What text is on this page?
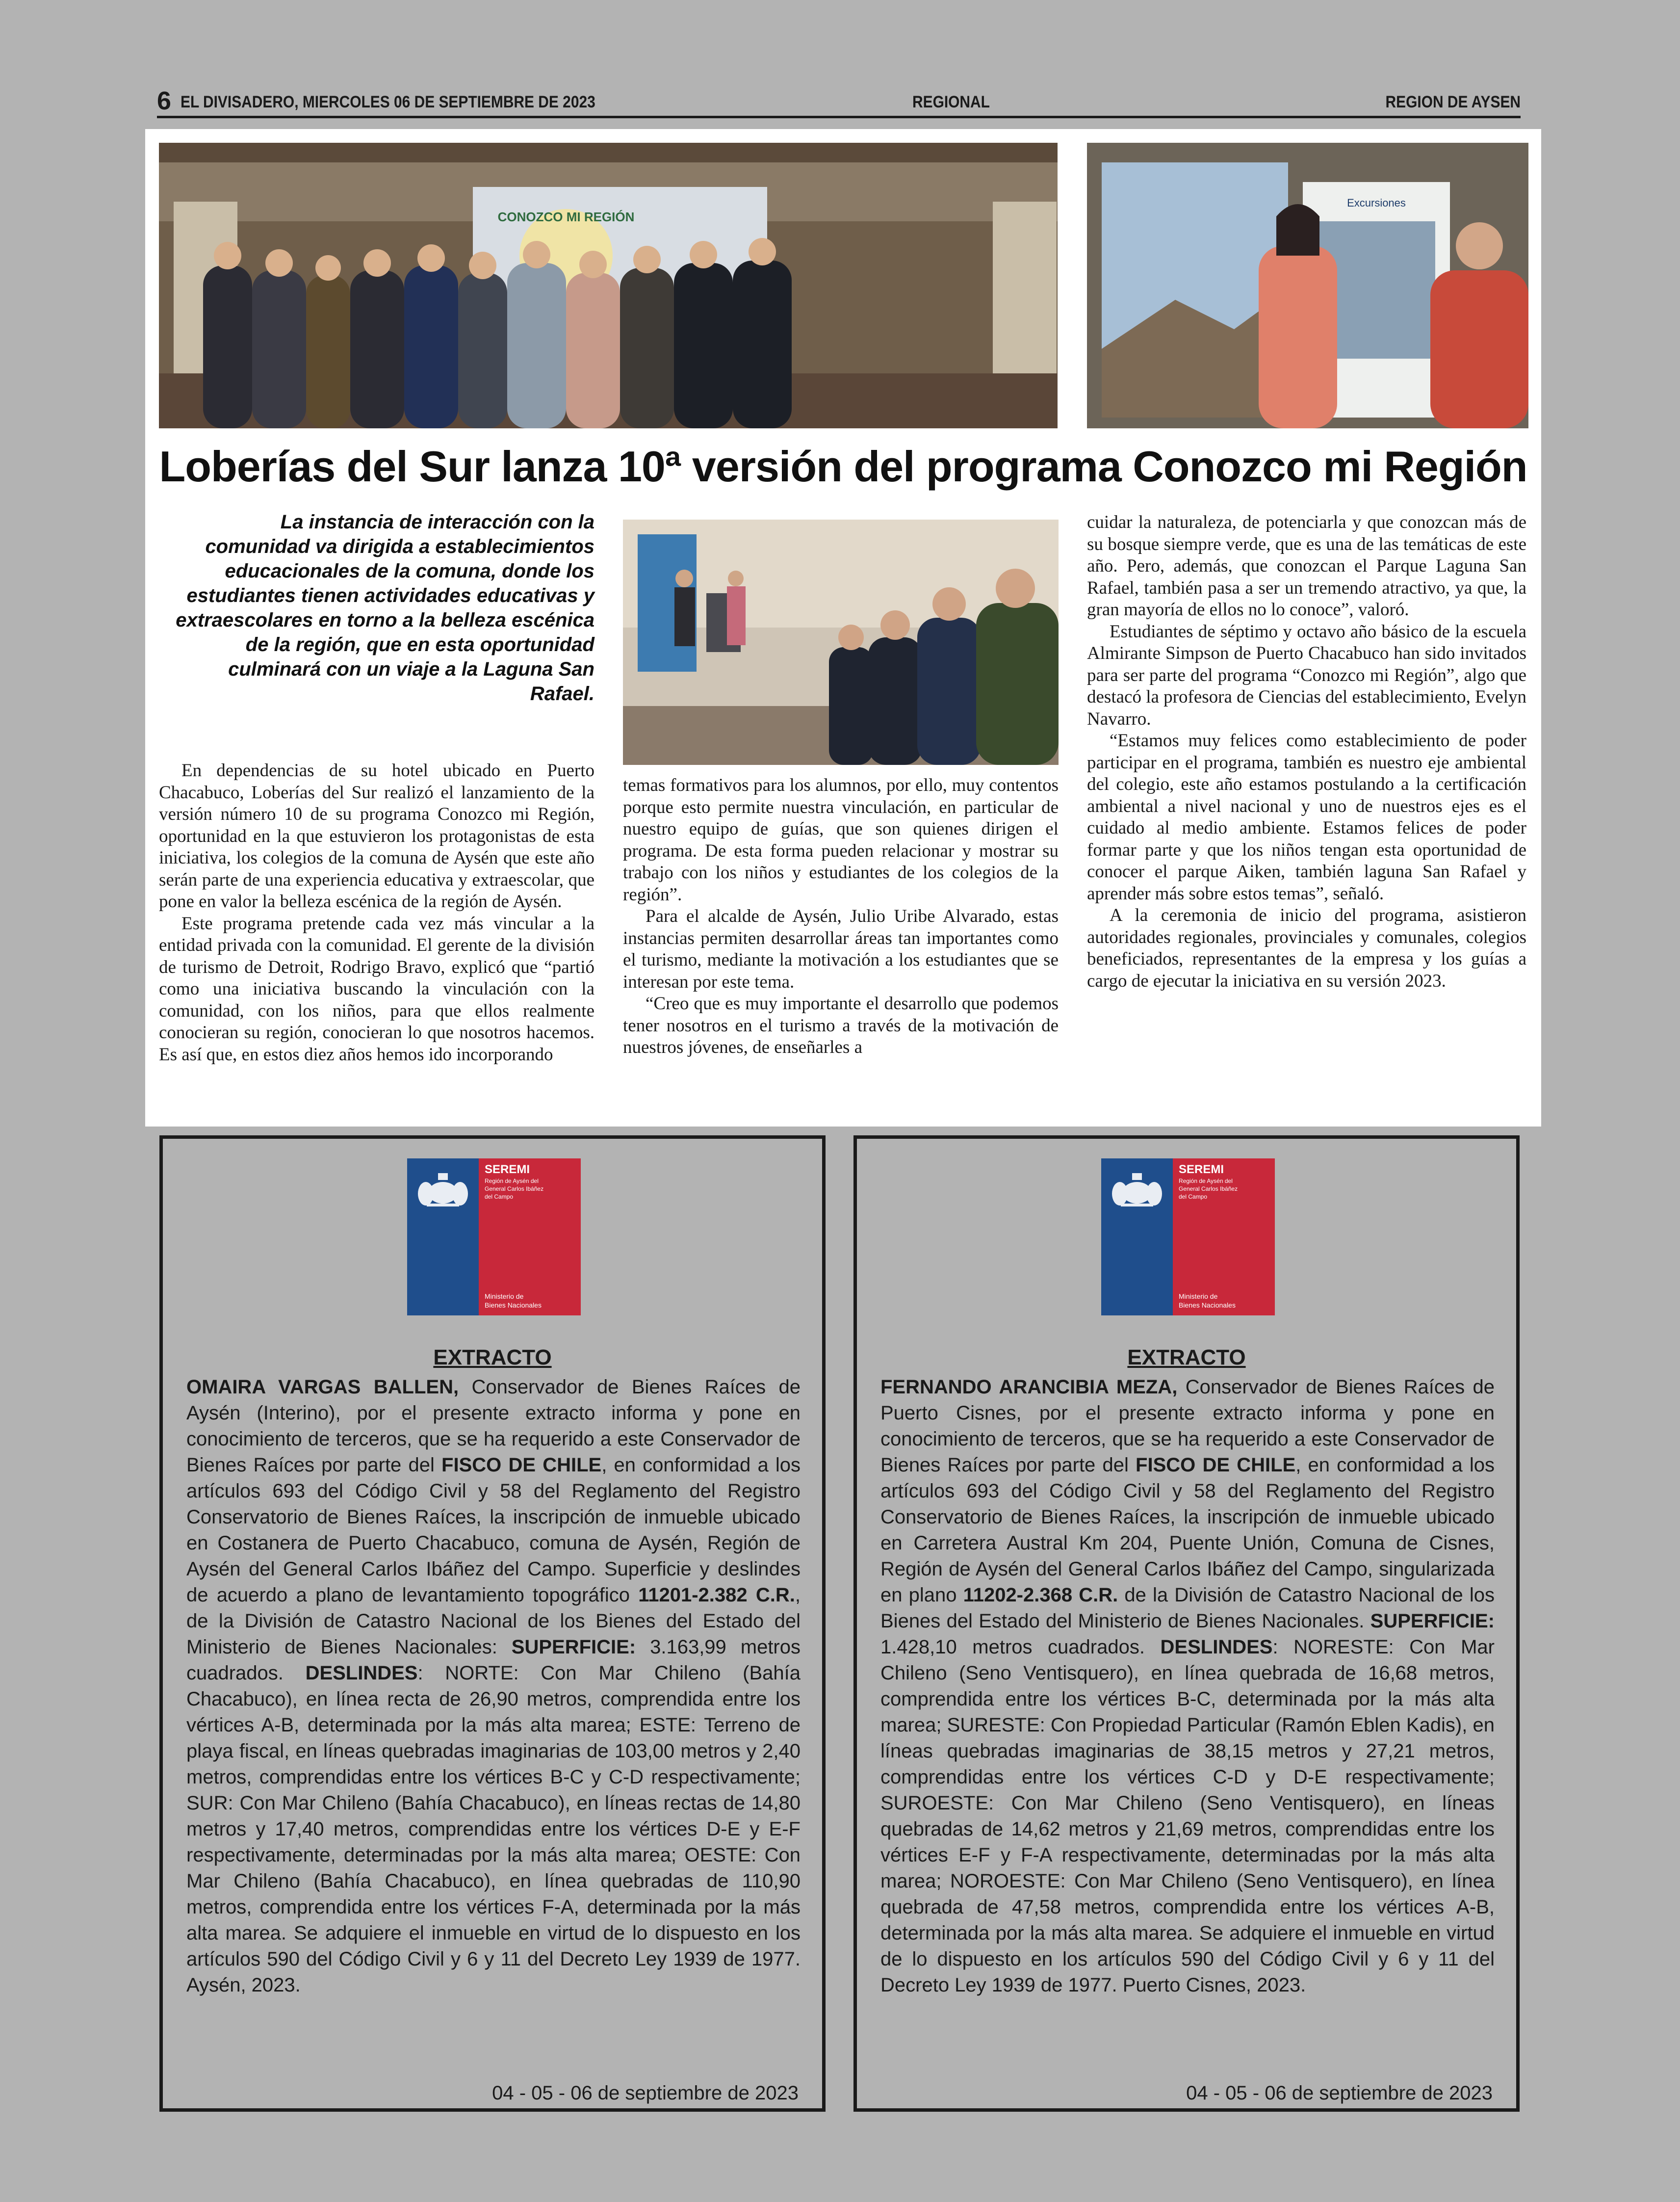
6 EL DIVISADERO, MIERCOLES 06 DE SEPTIEMBRE DE 2023	REGIONAL	REGION DE AYSEN
CONOZCO MI REGIÓN
Excursiones
Loberías del Sur lanza 10ª versión del programa Conozco mi Región
La instancia de interacción con la comunidad va dirigida a establecimientos educacionales de la comuna, donde los estudiantes tienen actividades educativas y extraescolares en torno a la belleza escénica de la región, que en esta oportunidad culminará con un viaje a la Laguna San Rafael.

En dependencias de su hotel ubicado en Puerto Chacabuco, Loberías del Sur realizó el lanzamiento de la versión número 10 de su programa Conozco mi Región, oportunidad en la que estuvieron los protagonistas de esta iniciativa, los colegios de la comuna de Aysén que este año serán parte de una experiencia educativa y extraescolar, que pone en valor la belleza escénica de la región de Aysén.

Este programa pretende cada vez más vincular a la entidad privada con la comunidad. El gerente de la división de turismo de Detroit, Rodrigo Bravo, explicó que “partió como una iniciativa buscando la vinculación con la comunidad, con los niños, para que ellos realmente conocieran su región, conocieran lo que nosotros hacemos. Es así que, en estos diez años hemos ido incorporando

temas formativos para los alumnos, por ello, muy contentos porque esto permite nuestra vinculación, en particular de nuestro equipo de guías, que son quienes dirigen el programa. De esta forma pueden relacionar y mostrar su trabajo con los niños y estudiantes de los colegios de la región”.

Para el alcalde de Aysén, Julio Uribe Alvarado, estas instancias permiten desarrollar áreas tan importantes como el turismo, mediante la motivación a los estudiantes que se interesan por este tema.

“Creo que es muy importante el desarrollo que podemos tener nosotros en el turismo a través de la motivación de nuestros jóvenes, de enseñarles a

cuidar la naturaleza, de potenciarla y que conozcan más de su bosque siempre verde, que es una de las temáticas de este año. Pero, además, que conozcan el Parque Laguna San Rafael, también pasa a ser un tremendo atractivo, ya que, la gran mayoría de ellos no lo conoce”, valoró.

Estudiantes de séptimo y octavo año básico de la escuela Almirante Simpson de Puerto Chacabuco han sido invitados para ser parte del programa “Conozco mi Región”, algo que destacó la profesora de Ciencias del establecimiento, Evelyn Navarro.

“Estamos muy felices como establecimiento de poder participar en el programa, también es nuestro eje ambiental del colegio, este año estamos postulando a la certificación ambiental a nivel nacional y uno de nuestros ejes es el cuidado al medio ambiente. Estamos felices de poder formar parte y que los niños tengan esta oportunidad de conocer el parque Aiken, también laguna San Rafael y aprender más sobre estos temas”, señaló.

A la ceremonia de inicio del programa, asistieron autoridades regionales, provinciales y comunales, colegios beneficiados, representantes de la empresa y los guías a cargo de ejecutar la iniciativa en su versión 2023.

SEREMI
Región de Aysén del
General Carlos Ibáñez
del Campo
Ministerio de
Bienes Nacionales
EXTRACTO
OMAIRA VARGAS BALLEN, Conservador de Bienes Raíces de Aysén (Interino), por el presente extracto informa y pone en conocimiento de terceros, que se ha requerido a este Conservador de Bienes Raíces por parte del FISCO DE CHILE, en conformidad a los artículos 693 del Código Civil y 58 del Reglamento del Registro Conservatorio de Bienes Raíces, la inscripción de inmueble ubicado en Costanera de Puerto Chacabuco, comuna de Aysén, Región de Aysén del General Carlos Ibáñez del Campo. Superficie y deslindes de acuerdo a plano de levantamiento topográfico 11201-2.382 C.R., de la División de Catastro Nacional de los Bienes del Estado del Ministerio de Bienes Nacionales: SUPERFICIE: 3.163,99 metros cuadrados. DESLINDES: NORTE: Con Mar Chileno (Bahía Chacabuco), en línea recta de 26,90 metros, comprendida entre los vértices A-B, determinada por la más alta marea; ESTE: Terreno de playa fiscal, en líneas quebradas imaginarias de 103,00 metros y 2,40 metros, comprendidas entre los vértices B-C y C-D respectivamente; SUR: Con Mar Chileno (Bahía Chacabuco), en líneas rectas de 14,80 metros y 17,40 metros, comprendidas entre los vértices D-E y E-F respectivamente, determinadas por la más alta marea; OESTE: Con Mar Chileno (Bahía Chacabuco), en línea quebradas de 110,90 metros, comprendida entre los vértices F-A, determinada por la más alta marea. Se adquiere el inmueble en virtud de lo dispuesto en los artículos 590 del Código Civil y 6 y 11 del Decreto Ley 1939 de 1977. Aysén, 2023.
04 - 05 - 06 de septiembre de 2023
SEREMI
Región de Aysén del
General Carlos Ibáñez
del Campo
Ministerio de
Bienes Nacionales
EXTRACTO
FERNANDO ARANCIBIA MEZA, Conservador de Bienes Raíces de Puerto Cisnes, por el presente extracto informa y pone en conocimiento de terceros, que se ha requerido a este Conservador de Bienes Raíces por parte del FISCO DE CHILE, en conformidad a los artículos 693 del Código Civil y 58 del Reglamento del Registro Conservatorio de Bienes Raíces, la inscripción de inmueble ubicado en Carretera Austral Km 204, Puente Unión, Comuna de Cisnes, Región de Aysén del General Carlos Ibáñez del Campo, singularizada en plano 11202-2.368 C.R. de la División de Catastro Nacional de los Bienes del Estado del Ministerio de Bienes Nacionales. SUPERFICIE: 1.428,10 metros cuadrados. DESLINDES: NORESTE: Con Mar Chileno (Seno Ventisquero), en línea quebrada de 16,68 metros, comprendida entre los vértices B-C, determinada por la más alta marea; SURESTE: Con Propiedad Particular (Ramón Eblen Kadis), en líneas quebradas imaginarias de 38,15 metros y 27,21 metros, comprendidas entre los vértices C-D y D-E respectivamente; SUROESTE: Con Mar Chileno (Seno Ventisquero), en líneas quebradas de 14,62 metros y 21,69 metros, comprendidas entre los vértices E-F y F-A respectivamente, determinadas por la más alta marea; NOROESTE: Con Mar Chileno (Seno Ventisquero), en línea quebrada de 47,58 metros, comprendida entre los vértices A-B, determinada por la más alta marea. Se adquiere el inmueble en virtud de lo dispuesto en los artículos 590 del Código Civil y 6 y 11 del Decreto Ley 1939 de 1977. Puerto Cisnes, 2023.
04 - 05 - 06 de septiembre de 2023
